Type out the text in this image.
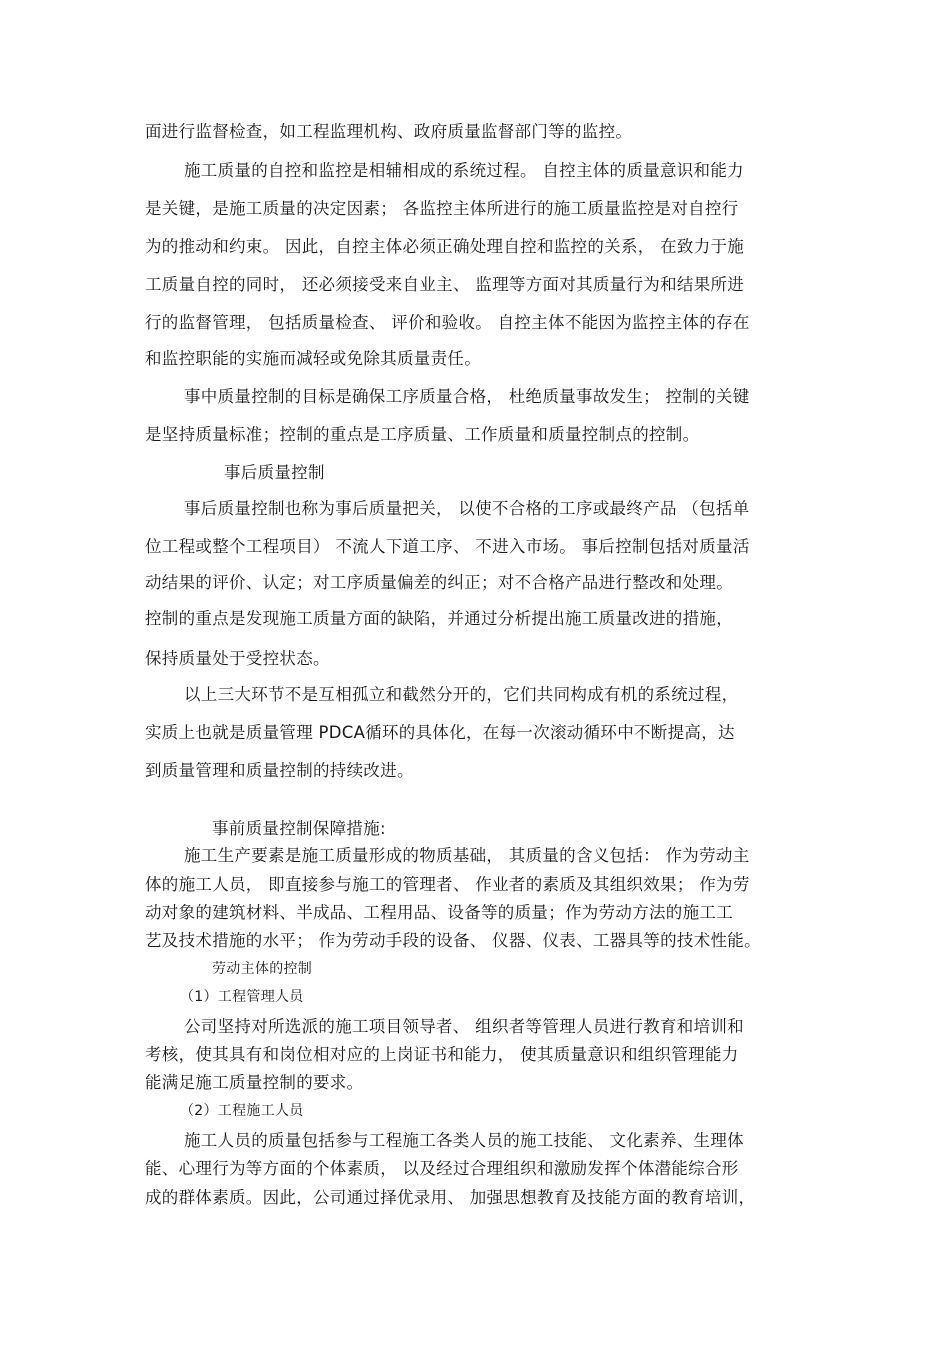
面进行监督检查，如工程监理机构、政府质量监督部门等的监控。
施工质量的自控和监控是相辅相成的系统过程。 自控主体的质量意识和能力
是关键，是施工质量的决定因素； 各监控主体所进行的施工质量监控是对自控行
为的推动和约束。 因此，自控主体必须正确处理自控和监控的关系， 在致力于施
工质量自控的同时， 还必须接受来自业主、 监理等方面对其质量行为和结果所进
行的监督管理， 包括质量检查、 评价和验收。 自控主体不能因为监控主体的存在
和监控职能的实施而减轻或免除其质量责任。
事中质量控制的目标是确保工序质量合格， 杜绝质量事故发生； 控制的关键
是坚持质量标准；控制的重点是工序质量、工作质量和质量控制点的控制。
事后质量控制
事后质量控制也称为事后质量把关， 以使不合格的工序或最终产品 （包括单
位工程或整个工程项目） 不流人下道工序、 不进入市场。 事后控制包括对质量活
动结果的评价、认定；对工序质量偏差的纠正；对不合格产品进行整改和处理。
控制的重点是发现施工质量方面的缺陷，并通过分析提出施工质量改进的措施，
保持质量处于受控状态。
以上三大环节不是互相孤立和截然分开的，它们共同构成有机的系统过程，
实质上也就是质量管理 PDCA循环的具体化，在每一次滚动循环中不断提高，达
到质量管理和质量控制的持续改进。
事前质量控制保障措施:
施工生产要素是施工质量形成的物质基础， 其质量的含义包括： 作为劳动主
体的施工人员， 即直接参与施工的管理者、 作业者的素质及其组织效果； 作为劳
动对象的建筑材料、半成品、工程用品、设备等的质量；作为劳动方法的施工工
艺及技术措施的水平； 作为劳动手段的设备、 仪器、仪表、工器具等的技术性能。
劳动主体的控制
（1）工程管理人员
公司坚持对所选派的施工项目领导者、 组织者等管理人员进行教育和培训和
考核，使其具有和岗位相对应的上岗证书和能力， 使其质量意识和组织管理能力
能满足施工质量控制的要求。
（2）工程施工人员
施工人员的质量包括参与工程施工各类人员的施工技能、 文化素养、生理体
能、心理行为等方面的个体素质， 以及经过合理组织和激励发挥个体潜能综合形
成的群体素质。因此，公司通过择优录用、 加强思想教育及技能方面的教育培训，
